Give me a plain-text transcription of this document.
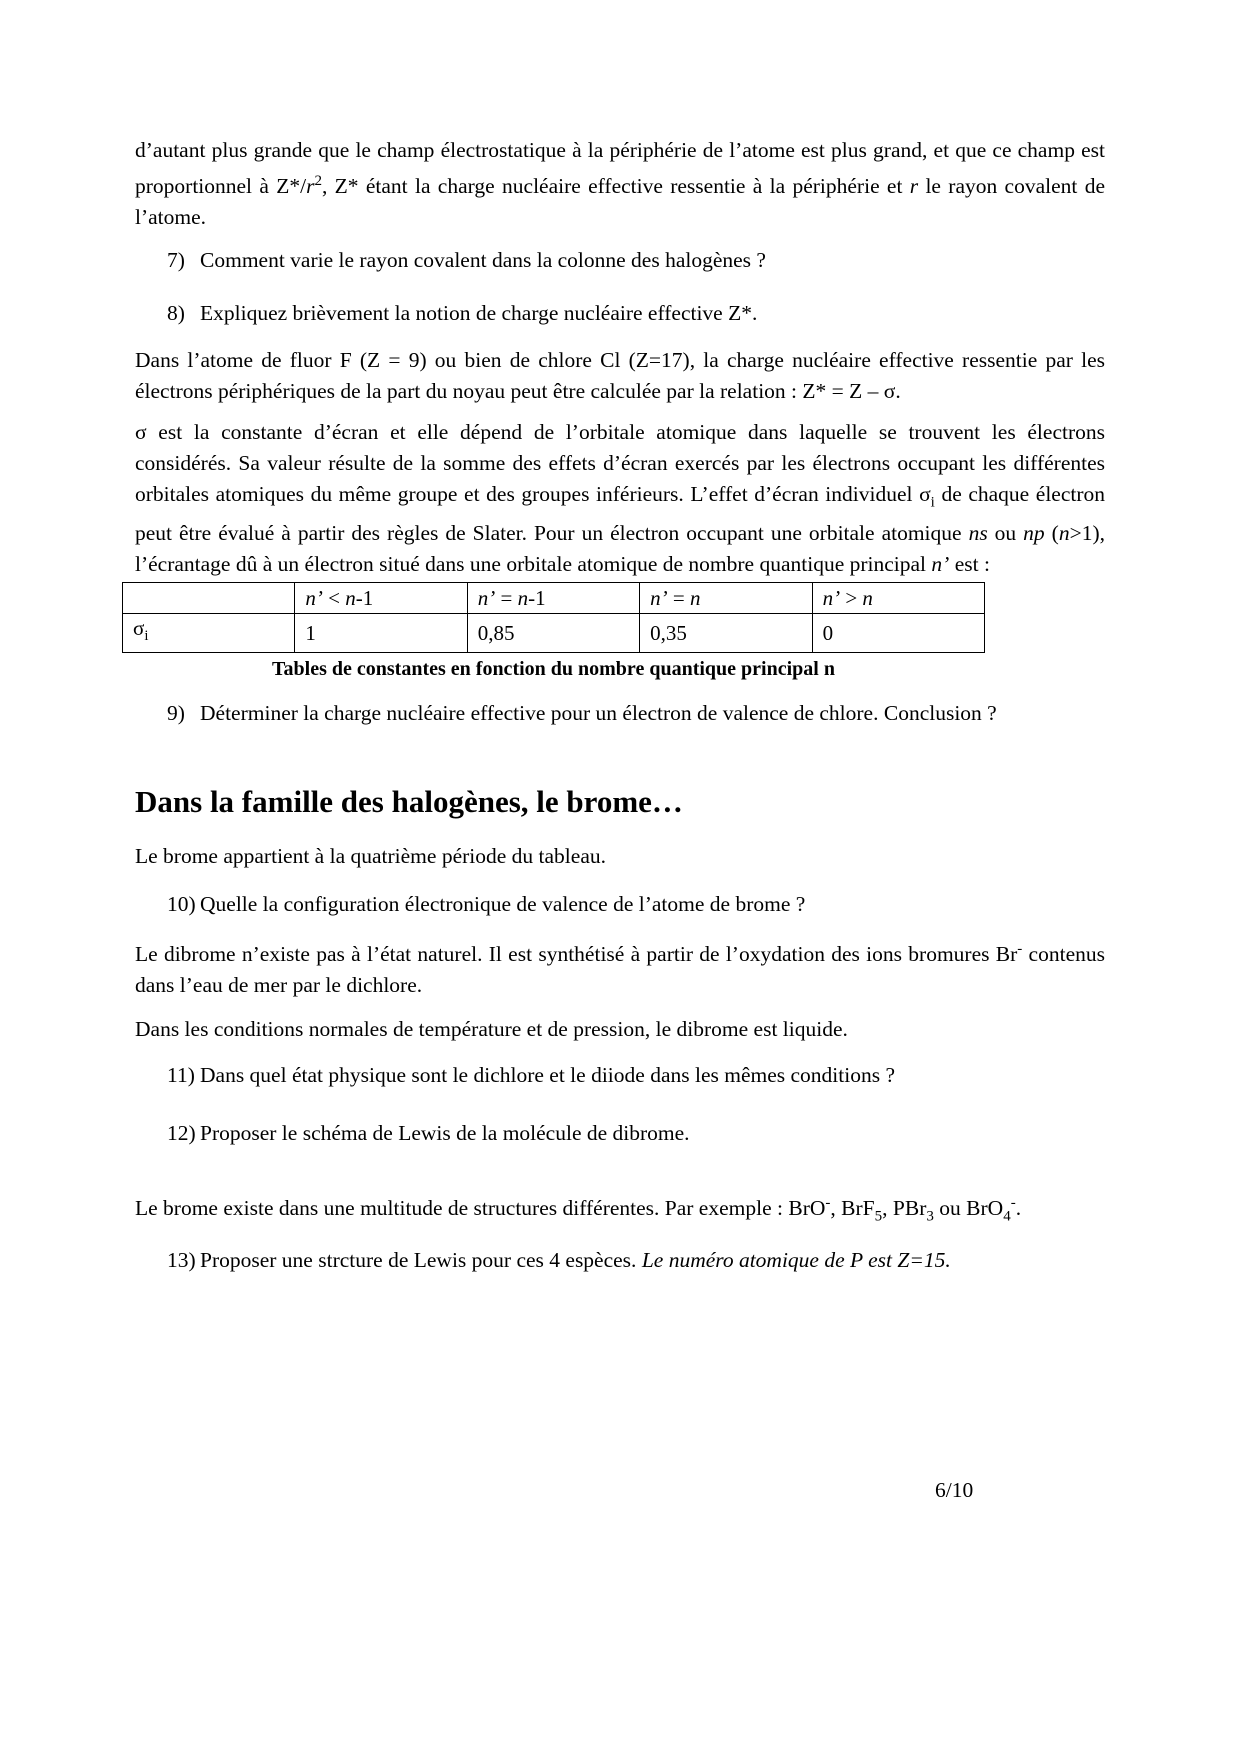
d’autant plus grande que le champ électrostatique à la périphérie de l’atome est plus grand, et que ce champ est proportionnel à $Z*/r^2$, Z* étant la charge nucléaire effective ressentie à la périphérie et r le rayon covalent de l’atome.

7) Comment varie le rayon covalent dans la colonne des halogènes ?
8) Expliquez brièvement la notion de charge nucléaire effective Z*.

Dans l’atome de fluor F (Z = 9) ou bien de chlore Cl (Z=17), la charge nucléaire effective ressentie par les électrons périphériques de la part du noyau peut être calculée par la relation : Z* = Z – σ.

σ est la constante d’écran et elle dépend de l’orbitale atomique dans laquelle se trouvent les électrons considérés. Sa valeur résulte de la somme des effets d’écran exercés par les électrons occupant les différentes orbitales atomiques du même groupe et des groupes inférieurs. L’effet d’écran individuel $\sigma_i$ de chaque électron peut être évalué à partir des règles de Slater. Pour un électron occupant une orbitale atomique ns ou np (n>1), l’écrantage dû à un électron situé dans une orbitale atomique de nombre quantique principal n’ est :

	n’ < n-1	n’ = n-1	n’ = n	n’ > n
$\sigma_i$	1	0,85	0,35	0

Tables de constantes en fonction du nombre quantique principal n

9) Déterminer la charge nucléaire effective pour un électron de valence de chlore. Conclusion ?
Dans la famille des halogènes, le brome…

Le brome appartient à la quatrième période du tableau.

10) Quelle la configuration électronique de valence de l’atome de brome ?

Le dibrome n’existe pas à l’état naturel. Il est synthétisé à partir de l’oxydation des ions bromures Br- contenus dans l’eau de mer par le dichlore.

Dans les conditions normales de température et de pression, le dibrome est liquide.

11) Dans quel état physique sont le dichlore et le diiode dans les mêmes conditions ?
12) Proposer le schéma de Lewis de la molécule de dibrome.

Le brome existe dans une multitude de structures différentes. Par exemple : BrO-, BrF$_5$, PBr$_3$ ou BrO$_4$-.

13) Proposer une strcture de Lewis pour ces 4 espèces. Le numéro atomique de P est Z=15.
6/10
